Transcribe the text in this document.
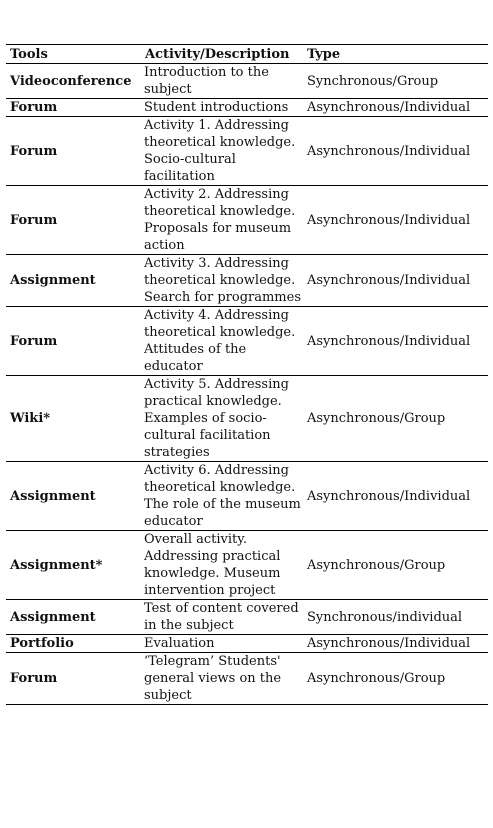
Tools	Activity/Description	Type
Videoconference	Introduction to the subject	Synchronous/Group
Forum	Student introductions	Asynchronous/Individual
Forum	Activity 1. Addressing theoretical knowledge. Socio-cultural facilitation	Asynchronous/Individual
Forum	Activity 2. Addressing theoretical knowledge. Proposals for museum action	Asynchronous/Individual
Assignment	Activity 3. Addressing theoretical knowledge. Search for programmes	Asynchronous/Individual
Forum	Activity 4. Addressing theoretical knowledge. Attitudes of the educator	Asynchronous/Individual
Wiki*	Activity 5. Addressing practical knowledge. Examples of socio-cultural facilitation strategies	Asynchronous/Group
Assignment	Activity 6. Addressing theoretical knowledge. The role of the museum educator	Asynchronous/Individual
Assignment*	Overall activity. Addressing practical knowledge. Museum intervention project	Asynchronous/Group
Assignment	Test of content covered in the subject	Synchronous/individual
Portfolio	Evaluation	Asynchronous/Individual
Forum	‘Telegram’ Students' general views on the subject	Asynchronous/Group
